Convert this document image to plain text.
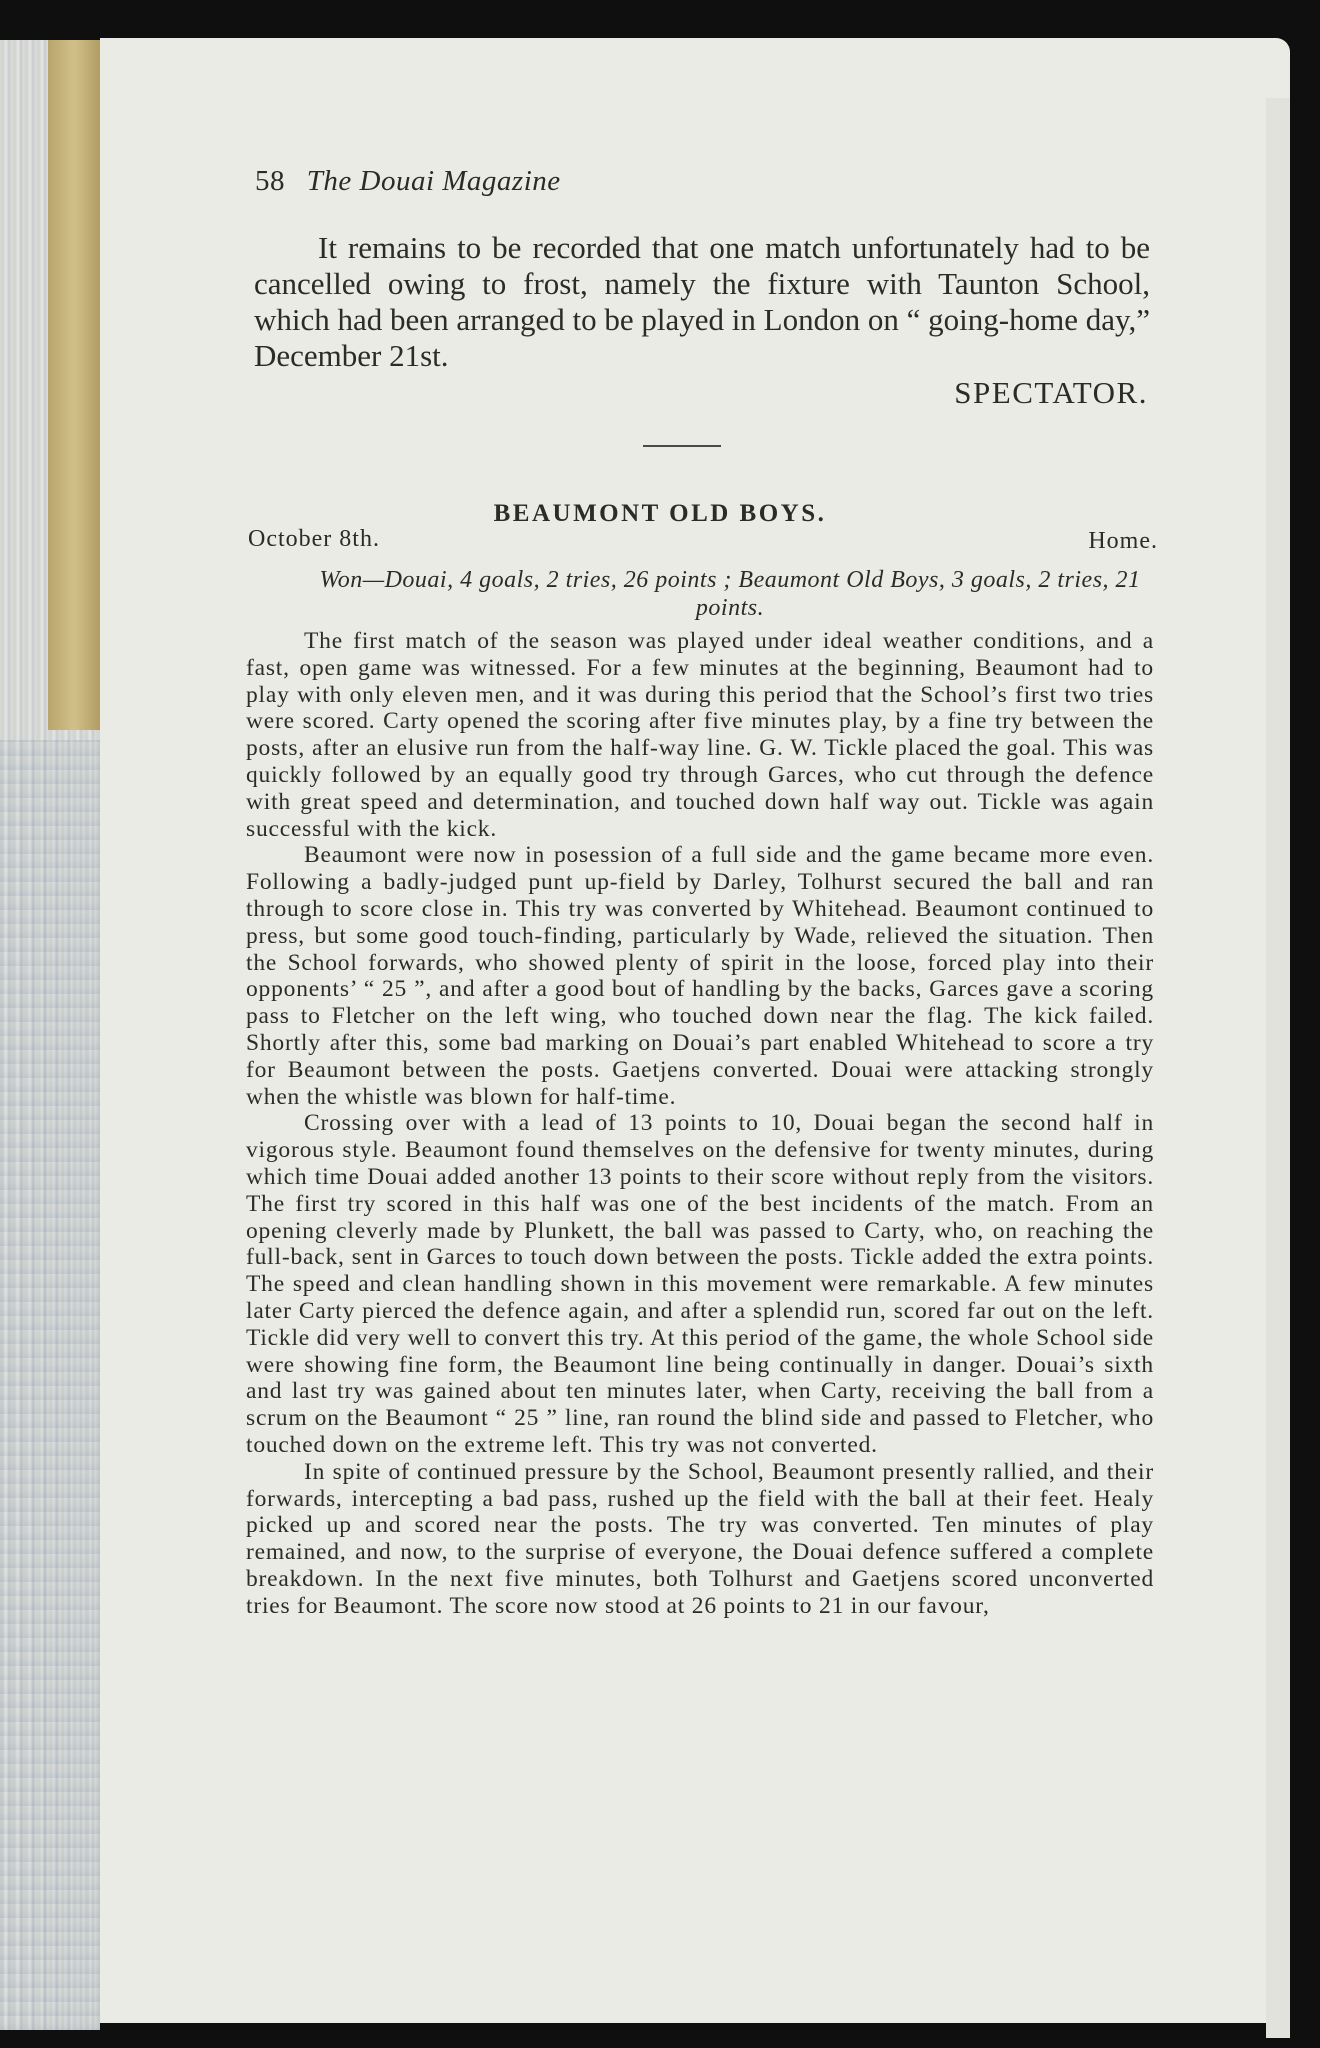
58 The Douai Magazine

It remains to be recorded that one match unfortunately had to be cancelled owing to frost, namely the fixture with Taunton School, which had been arranged to be played in London on “ going-home day,” December 21st.

SPECTATOR.
BEAUMONT OLD BOYS.
October 8th.	Home.

Won—Douai, 4 goals, 2 tries, 26 points ; Beaumont Old Boys, 3 goals, 2 tries, 21 points.

The first match of the season was played under ideal weather conditions, and a fast, open game was witnessed. For a few minutes at the beginning, Beaumont had to play with only eleven men, and it was during this period that the School’s first two tries were scored. Carty opened the scoring after five minutes play, by a fine try between the posts, after an elusive run from the half-way line. G. W. Tickle placed the goal. This was quickly followed by an equally good try through Garces, who cut through the defence with great speed and determination, and touched down half way out. Tickle was again successful with the kick.

Beaumont were now in posession of a full side and the game became more even. Following a badly-judged punt up-field by Darley, Tolhurst secured the ball and ran through to score close in. This try was converted by Whitehead. Beaumont continued to press, but some good touch-finding, particularly by Wade, relieved the situation. Then the School forwards, who showed plenty of spirit in the loose, forced play into their opponents’ “ 25 ”, and after a good bout of handling by the backs, Garces gave a scoring pass to Fletcher on the left wing, who touched down near the flag. The kick failed. Shortly after this, some bad marking on Douai’s part enabled Whitehead to score a try for Beaumont between the posts. Gaetjens converted. Douai were attacking strongly when the whistle was blown for half-time.

Crossing over with a lead of 13 points to 10, Douai began the second half in vigorous style. Beaumont found themselves on the defensive for twenty minutes, during which time Douai added another 13 points to their score without reply from the visitors. The first try scored in this half was one of the best incidents of the match. From an opening cleverly made by Plunkett, the ball was passed to Carty, who, on reaching the full-back, sent in Garces to touch down between the posts. Tickle added the extra points. The speed and clean handling shown in this movement were remarkable. A few minutes later Carty pierced the defence again, and after a splendid run, scored far out on the left. Tickle did very well to convert this try. At this period of the game, the whole School side were showing fine form, the Beaumont line being continually in danger. Douai’s sixth and last try was gained about ten minutes later, when Carty, receiving the ball from a scrum on the Beaumont “ 25 ” line, ran round the blind side and passed to Fletcher, who touched down on the extreme left. This try was not converted.

In spite of continued pressure by the School, Beaumont presently rallied, and their forwards, intercepting a bad pass, rushed up the field with the ball at their feet. Healy picked up and scored near the posts. The try was converted. Ten minutes of play remained, and now, to the surprise of everyone, the Douai defence suffered a complete breakdown. In the next five minutes, both Tolhurst and Gaetjens scored unconverted tries for Beaumont. The score now stood at 26 points to 21 in our favour,
